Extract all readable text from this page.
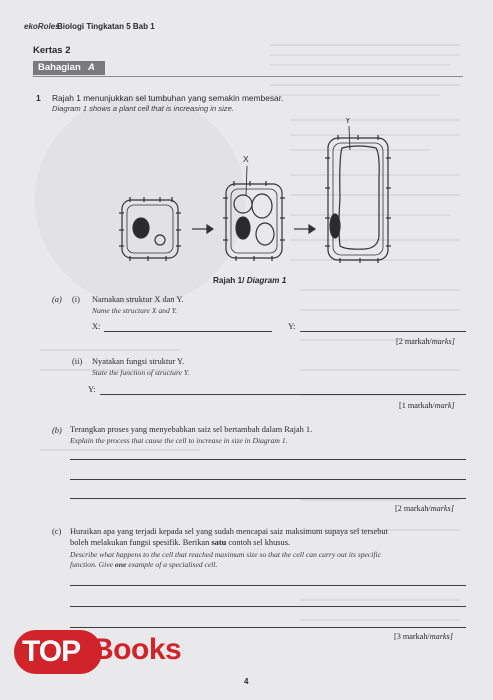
ekoRoles
Biologi Tingkatan 5 Bab 1
Kertas 2
Bahagian A
1 Rajah 1 menunjukkan sel tumbuhan yang semakin membesar.
Diagram 1 shows a plant cell that is increasing in size.
X
Y
Rajah 1/ Diagram 1
(a) (i) Namakan struktur X dan Y.
Name the structure X and Y.
X:	Y:
[2 markah/marks]
(ii) Nyatakan fungsi struktur Y.
State the function of structure Y.
Y:
[1 markah/mark]
(b) Terangkan proses yang menyebabkan saiz sel bertambah dalam Rajah 1.
Explain the process that cause the cell to increase in size in Diagram 1.
[2 markah/marks]
(c) Huraikan apa yang terjadi kepada sel yang sudah mencapai saiz maksimum supaya sel tersebut
boleh melakukan fungsi spesifik. Berikan satu contoh sel khusus.
Describe what happens to the cell that reached maximum size so that the cell can carry out its specific
function. Give one example of a specialised cell.
[3 markah/marks]
4
TOP Books
